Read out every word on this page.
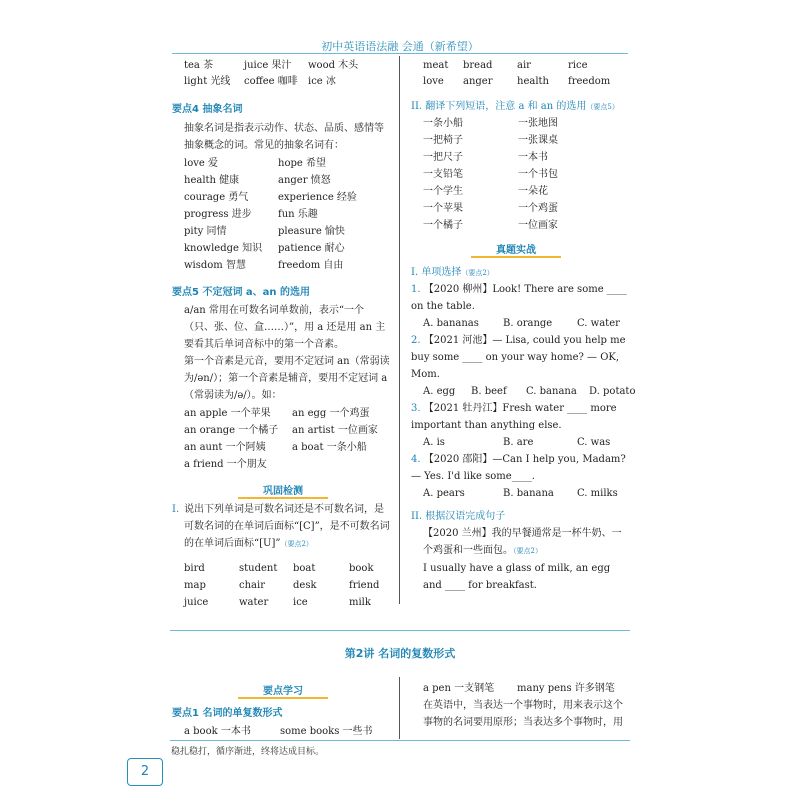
初中英语语法融 会通（新希望）
tea 茶	juice 果汁	wood 木头
light 光线	coffee 咖啡	ice 冰
要点4 抽象名词
抽象名词是指表示动作、状态、品质、感情等抽象概念的词。常见的抽象名词有：
love 爱	hope 希望
health 健康	anger 愤怒
courage 勇气	experience 经验
progress 进步	fun 乐趣
pity 同情	pleasure 愉快
knowledge 知识	patience 耐心
wisdom 智慧	freedom 自由
要点5 不定冠词 a、an 的选用
a/an 常用在可数名词单数前，表示“一个（只、张、位、盒……）”，用 a 还是用 an 主要看其后单词音标中的第一个音素。
第一个音素是元音，要用不定冠词 an（常弱读为/ən/）；第一个音素是辅音，要用不定冠词 a（常弱读为/ə/）。如：
an apple 一个苹果	an egg 一个鸡蛋
an orange 一个橘子	an artist 一位画家
an aunt 一个阿姨	a boat 一条小船
a friend 一个朋友
巩固检测
I. 说出下列单词是可数名词还是不可数名词，是可数名词的在单词后面标“[C]”，是不可数名词的在单词后面标“[U]”（要点2）
bird	student	boat	book
map	chair	desk	friend
juice	water	ice	milk
meat	bread	air	rice
love	anger	health	freedom
II. 翻译下列短语，注意 a 和 an 的选用（要点5）
一条小船	一张地图
一把椅子	一张课桌
一把尺子	一本书
一支铅笔	一个书包
一个学生	一朵花
一个苹果	一个鸡蛋
一个橘子	一位画家
真题实战
I. 单项选择（要点2）
1. 【2020 柳州】Look! There are some ____ on the table.
A. bananas	B. orange	C. water
2. 【2021 河池】— Lisa, could you help me buy some ____ on your way home? — OK, Mom.
A. egg	B. beef	C. banana	D. potato
3. 【2021 牡丹江】Fresh water ____ more important than anything else.
A. is	B. are	C. was
4. 【2020 邵阳】—Can I help you, Madam? — Yes. I'd like some____.
A. pears	B. banana	C. milks
II. 根据汉语完成句子
【2020 兰州】我的早餐通常是一杯牛奶、一个鸡蛋和一些面包。（要点2）
I usually have a glass of milk, an egg and ____ for breakfast.
第2讲 名词的复数形式
要点学习
要点1 名词的单复数形式
a book 一本书	some books 一些书
a pen 一支钢笔	many pens 许多钢笔
在英语中，当表达一个事物时，用来表示这个事物的名词要用原形；当表达多个事物时，用
稳扎稳打，循序渐进，终将达成目标。
2
